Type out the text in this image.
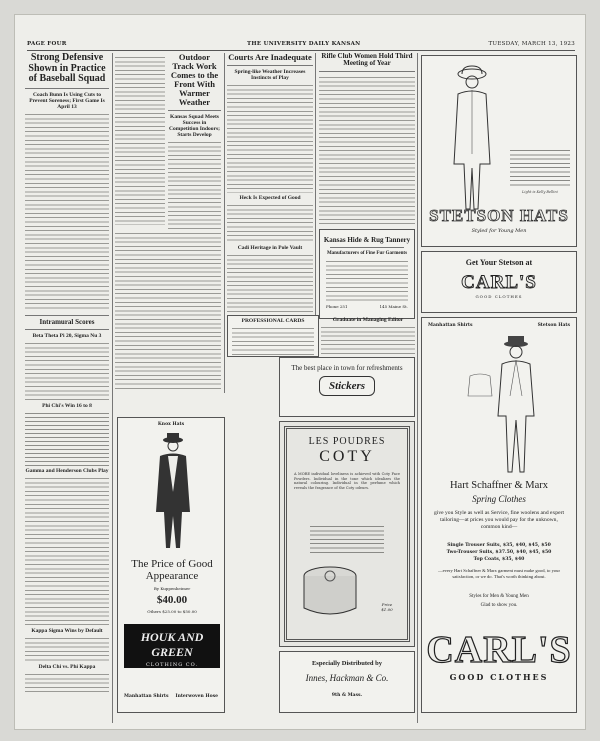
PAGE FOUR	THE UNIVERSITY DAILY KANSAN	TUESDAY, MARCH 13, 1923
Strong Defensive Shown in Practice of Baseball Squad
Coach Bunn Is Using Cuts to Prevent Soreness; First Game Is April 13
Intramural Scores
Beta Theta Pi 20, Sigma Nu 3
Phi Chi's Win 16 to 8
Gamma and Henderson Clubs Play
Kappa Sigma Wins by Default
Delta Chi vs. Phi Kappa
Outdoor Track Work Comes to the Front With Warmer Weather
Kansas Squad Meets Success in Competition Indoors; Starts Develop
Courts Are Inadequate
Spring-like Weather Increases Instincts of Play
Heck Is Expected of Good
Cadi Heritage in Pole Vault
Rifle Club Women Hold Third Meeting of Year
Kansas Hide & Rug Tannery
Manufacturers of Fine Fur Garments
Phone 251	145 Maine St.
PROFESSIONAL CARDS	Graduate in Managing Editor
Light is Kelly Bellini
STETSON HATS
Styled for Young Men
Get Your Stetson at
CARL'S
GOOD CLOTHES
Knox Hats
The Price of Good Appearance
By Kuppenheimer
$40.00
Others $25.00 to $50.00
HOUK AND GREEN
CLOTHING CO.
Manhattan Shirts Interwoven Hose
The best place in town for refreshments
Stickers
LES POUDRES
COTY
A MORE individual loveliness is achieved with Coty Face Powders. Individual in the tone which idealizes the natural colouring. Individual in the perfume which reveals the fragrance of the Coty odeurs.
Price $1.00
Especially Distributed by
Innes, Hackman & Co.
9th & Mass.
Manhattan Shirts	Stetson Hats
Hart Schaffner & Marx
Spring Clothes
give you Style as well as Service, fine woolens and expert tailoring—at prices you would pay for the unknown, common kind—
Single Trouser Suits, $35, $40, $45, $50
Two-Trouser Suits, $37.50, $40, $45, $50
Top Coats, $35, $40
—every Hart Schaffner & Marx garment must make good, to your satisfaction, or we do. That's worth thinking about.
Styles for Men & Young Men
Glad to show you.
CARL'S
GOOD CLOTHES
